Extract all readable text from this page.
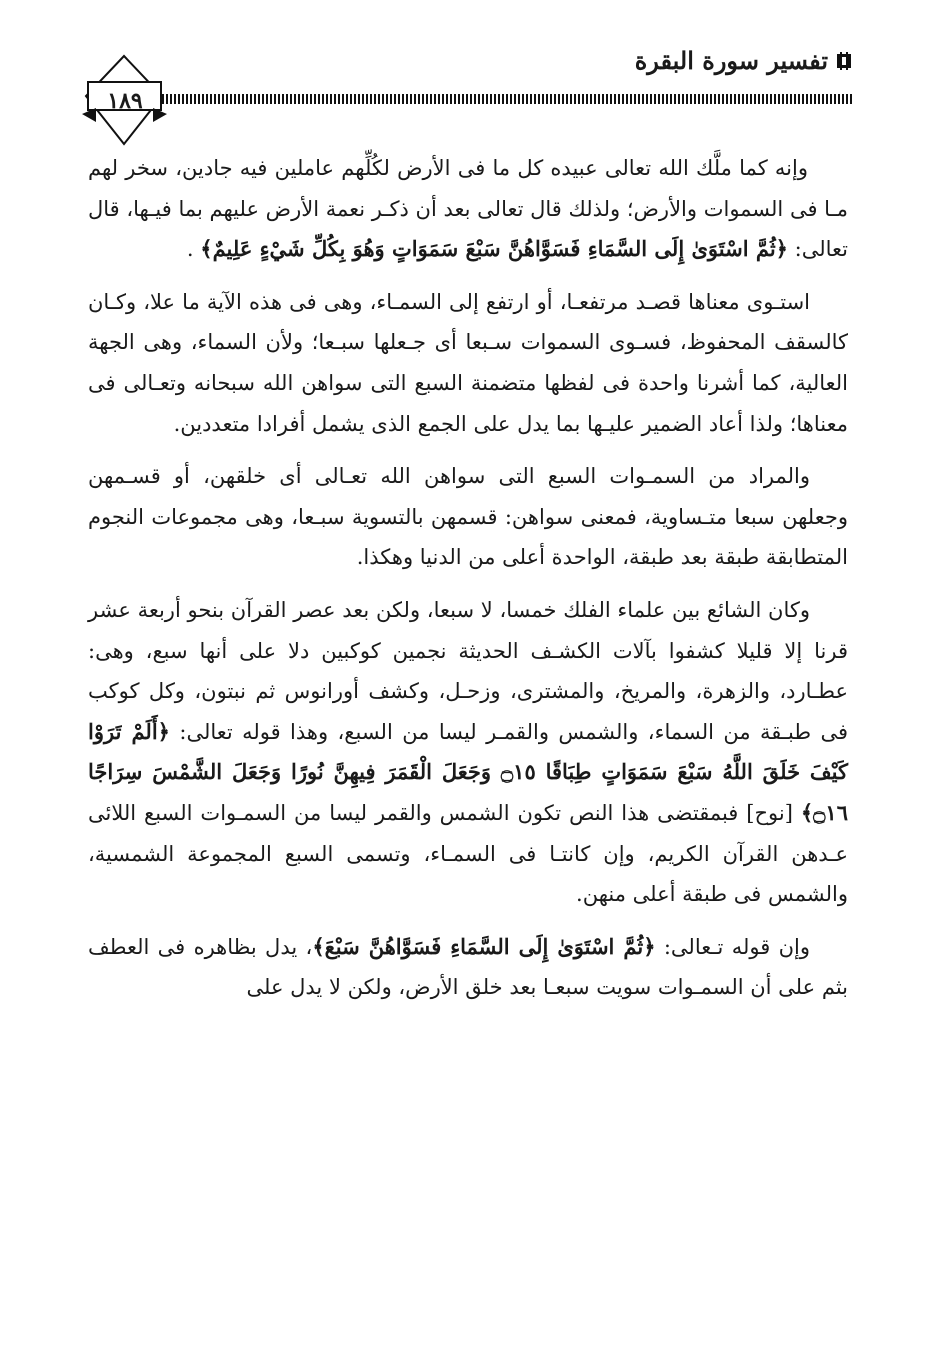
تفسير سورة البقرة
١٨٩

وإنه كما ملَّك الله تعالى عبيده كل ما فى الأرض لكُلِّهم عاملين فيه جادين، سخر لهم مـا فى السموات والأرض؛ ولذلك قال تعالى بعد أن ذكـر نعمة الأرض عليهم بما فيـها، قال تعالى: ﴿ثُمَّ اسْتَوَىٰ إِلَى السَّمَاءِ فَسَوَّاهُنَّ سَبْعَ سَمَوَاتٍ وَهُوَ بِكُلِّ شَيْءٍ عَلِيمٌ﴾ .

استـوى معناها قصـد مرتفعـا، أو ارتفع إلى السمـاء، وهى فى هذه الآية ما علا، وكـان كالسقف المحفوظ، فسـوى السموات سـبعا أى جـعلها سبـعا؛ ولأن السماء، وهى الجهة العالية، كما أشرنا واحدة فى لفظها متضمنة السبع التى سواهن الله سبحانه وتعـالى فى معناها؛ ولذا أعاد الضمير عليـها بما يدل على الجمع الذى يشمل أفرادا متعددين.

والمراد من السمـوات السبع التى سواهن الله تعـالى أى خلقهن، أو قسـمهن وجعلهن سبعا متـساوية، فمعنى سواهن: قسمهن بالتسوية سبـعا، وهى مجموعات النجوم المتطابقة طبقة بعد طبقة، الواحدة أعلى من الدنيا وهكذا.

وكان الشائع بين علماء الفلك خمسا، لا سبعا، ولكن بعد عصر القرآن بنحو أربعة عشر قرنا إلا قليلا كشفوا بآلات الكشـف الحديثة نجمين كوكبين دلا على أنها سبع، وهى: عطـارد، والزهرة، والمريخ، والمشترى، وزحـل، وكشف أورانوس ثم نبتون، وكل كوكب فى طبـقة من السماء، والشمس والقمـر ليسا من السبع، وهذا قوله تعالى: ﴿أَلَمْ تَرَوْا كَيْفَ خَلَقَ اللَّهُ سَبْعَ سَمَوَاتٍ طِبَاقًا ۝١٥ وَجَعَلَ الْقَمَرَ فِيهِنَّ نُورًا وَجَعَلَ الشَّمْسَ سِرَاجًا ۝١٦﴾ [نوح] فبمقتضى هذا النص تكون الشمس والقمر ليسا من السمـوات السبع اللائى عـدهن القرآن الكريم، وإن كانتـا فى السمـاء، وتسمى السبع المجموعة الشمسية، والشمس فى طبقة أعلى منهن.

وإن قوله تـعالى: ﴿ثُمَّ اسْتَوَىٰ إِلَى السَّمَاءِ فَسَوَّاهُنَّ سَبْعَ﴾، يدل بظاهره فى العطف بثم على أن السمـوات سويت سبعـا بعد خلق الأرض، ولكن لا يدل على
